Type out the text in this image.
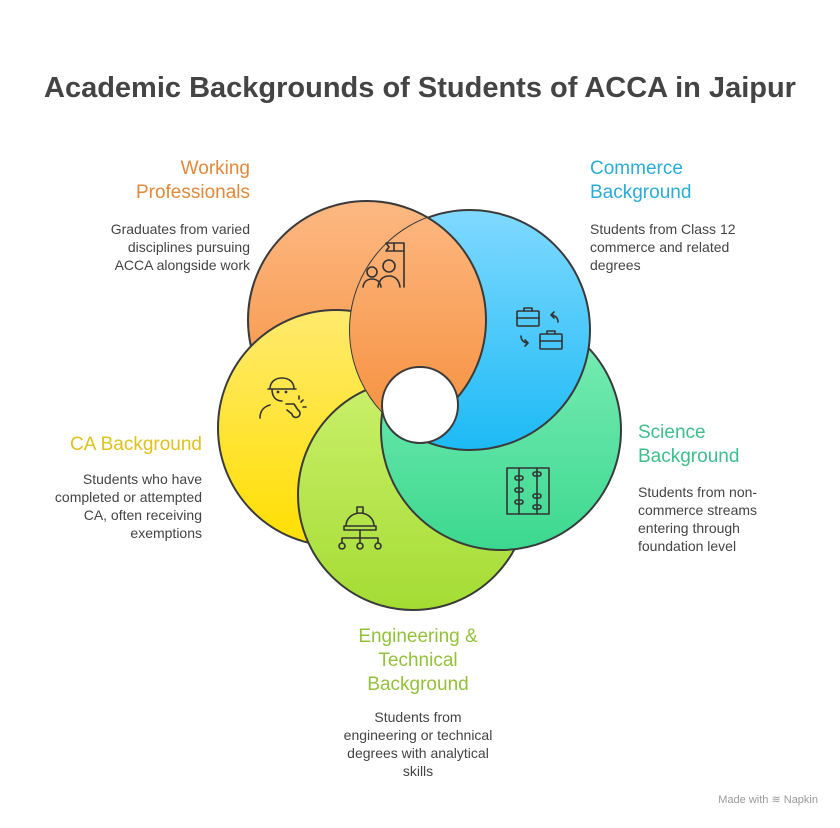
Academic Backgrounds of Students of ACCA in Jaipur
Working
Professionals
Graduates from varied
disciplines pursuing
ACCA alongside work
Commerce
Background
Students from Class 12
commerce and related
degrees
Science
Background
Students from non-
commerce streams
entering through
foundation level
Engineering &
Technical
Background
Students from
engineering or technical
degrees with analytical
skills
CA Background
Students who have
completed or attempted
CA, often receiving
exemptions
Made with ≋ Napkin
